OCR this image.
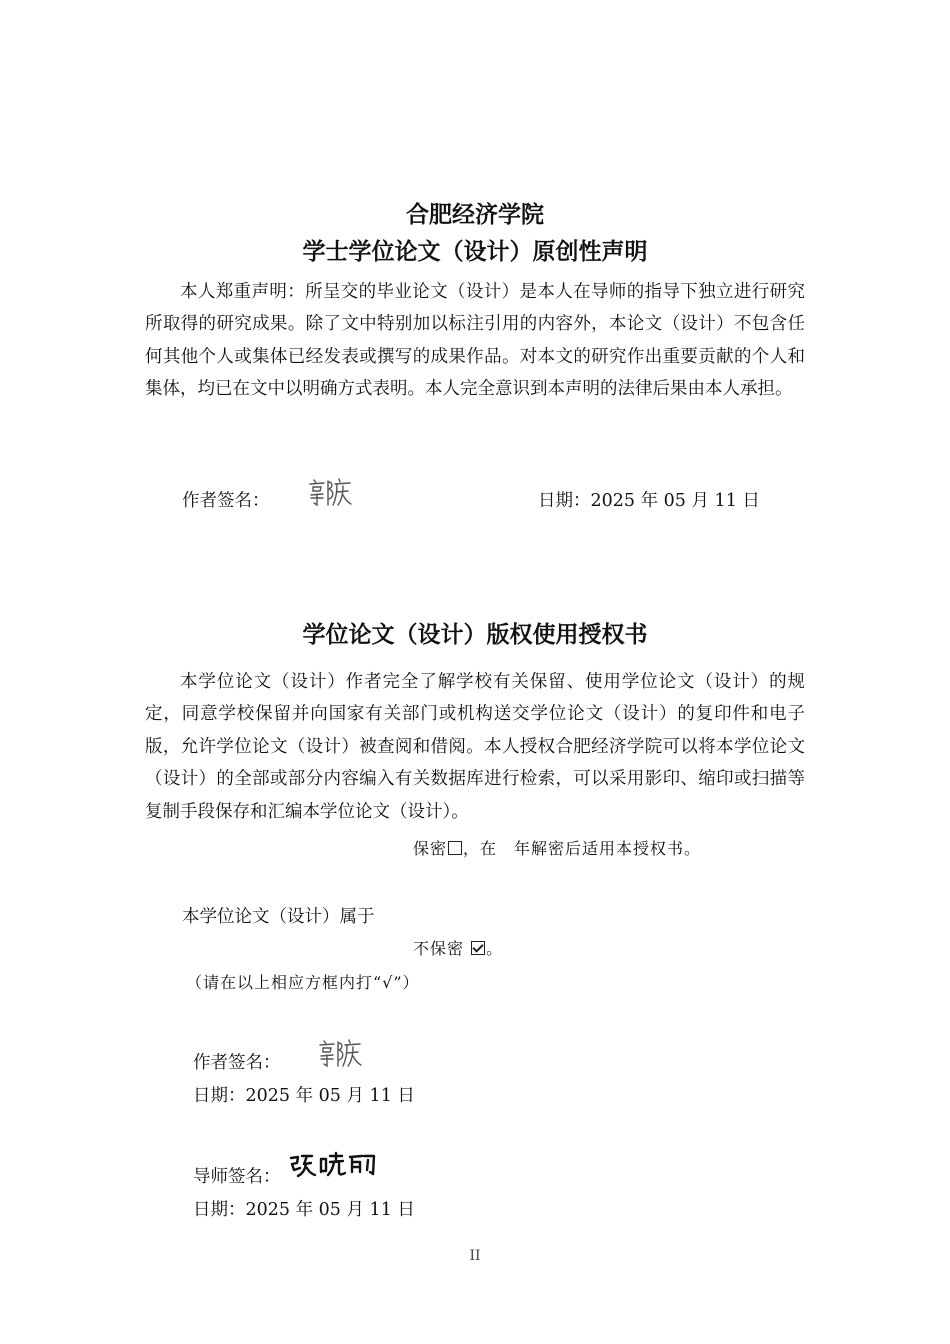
合肥经济学院
学士学位论文（设计）原创性声明
本人郑重声明：所呈交的毕业论文（设计）是本人在导师的指导下独立进行研究所取得的研究成果。除了文中特别加以标注引用的内容外，本论文（设计）不包含任何其他个人或集体已经发表或撰写的成果作品。对本文的研究作出重要贡献的个人和集体，均已在文中以明确方式表明。本人完全意识到本声明的法律后果由本人承担。
作者签名：	日期：2025 年 05 月 11 日
学位论文（设计）版权使用授权书
本学位论文（设计）作者完全了解学校有关保留、使用学位论文（设计）的规定，同意学校保留并向国家有关部门或机构送交学位论文（设计）的复印件和电子版，允许学位论文（设计）被查阅和借阅。本人授权合肥经济学院可以将本学位论文（设计）的全部或部分内容编入有关数据库进行检索，可以采用影印、缩印或扫描等复制手段保存和汇编本学位论文（设计）。
保密 ，在　年解密后适用本授权书。
本学位论文（设计）属于
不保密 。
（请在以上相应方框内打“√”）
作者签名：
日期：2025 年 05 月 11 日
导师签名：
日期：2025 年 05 月 11 日
II
